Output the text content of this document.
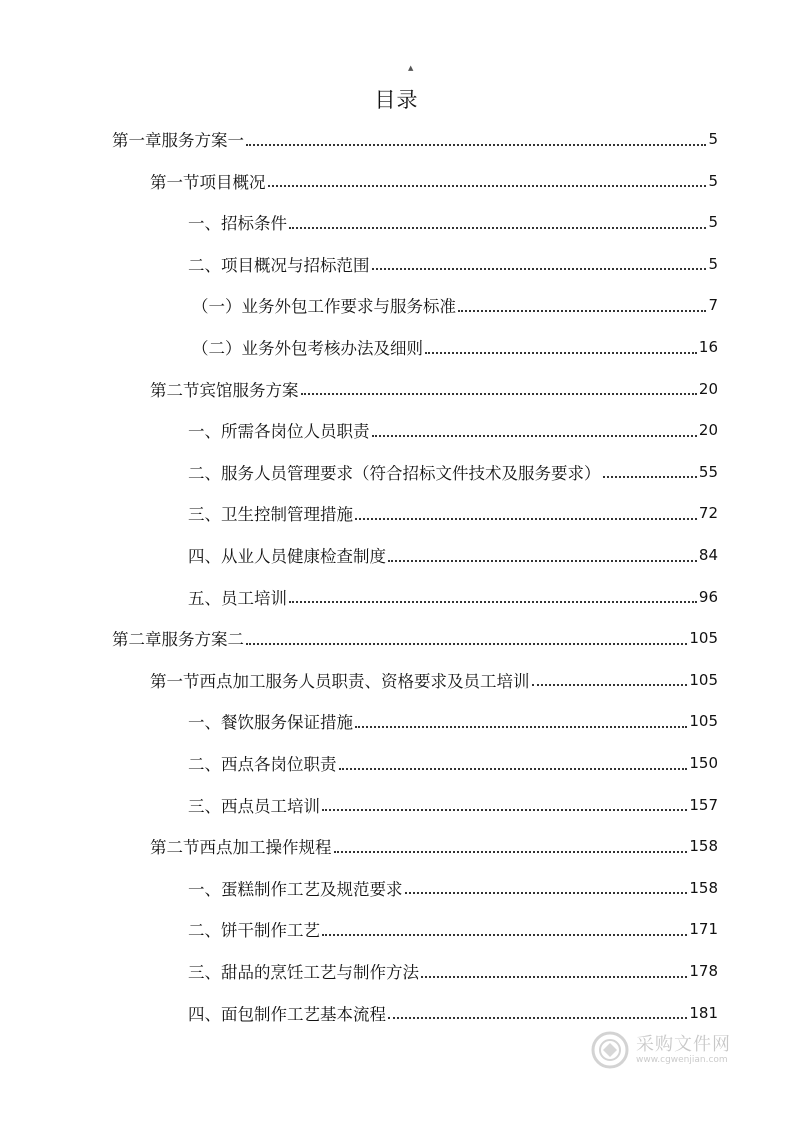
▲
目录
第一章服务方案一	5
第一节项目概况	5
一、招标条件	5
二、项目概况与招标范围	5
（一）业务外包工作要求与服务标准	7
（二）业务外包考核办法及细则	16
第二节宾馆服务方案	20
一、所需各岗位人员职责	20
二、服务人员管理要求（符合招标文件技术及服务要求）	55
三、卫生控制管理措施	72
四、从业人员健康检查制度	84
五、员工培训	96
第二章服务方案二	105
第一节西点加工服务人员职责、资格要求及员工培训	105
一、餐饮服务保证措施	105
二、西点各岗位职责	150
三、西点员工培训	157
第二节西点加工操作规程	158
一、蛋糕制作工艺及规范要求	158
二、饼干制作工艺	171
三、甜品的烹饪工艺与制作方法	178
四、面包制作工艺基本流程	181
采购文件网
www.cgwenjian.com
